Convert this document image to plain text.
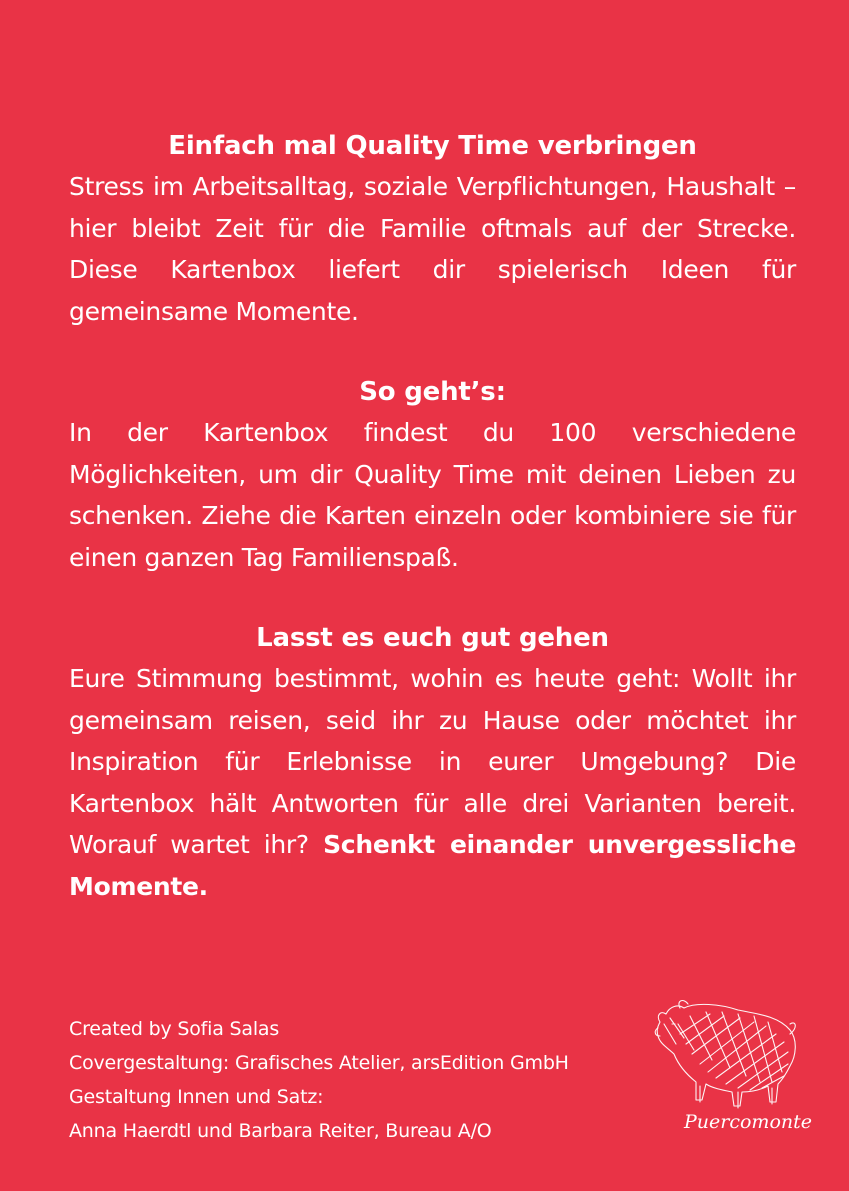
Einfach mal Quality Time verbringen

Stress im Arbeitsalltag, soziale Verpflichtungen, Haushalt – hier bleibt Zeit für die Familie oftmals auf der Strecke. Diese Kartenbox liefert dir spielerisch Ideen für gemeinsame Momente.

So geht’s:

In der Kartenbox findest du 100 verschiedene Möglichkeiten, um dir Quality Time mit deinen Lieben zu schenken. Ziehe die Karten einzeln oder kombiniere sie für einen ganzen Tag Familienspaß.

Lasst es euch gut gehen

Eure Stimmung bestimmt, wohin es heute geht: Wollt ihr gemeinsam reisen, seid ihr zu Hause oder möchtet ihr Inspiration für Erlebnisse in eurer Umgebung? Die Kartenbox hält Antworten für alle drei Varianten bereit. Worauf wartet ihr? Schenkt einander unvergessliche Momente.

Created by Sofia Salas
Covergestaltung: Grafisches Atelier, arsEdition GmbH
Gestaltung Innen und Satz:
Anna Haerdtl und Barbara Reiter, Bureau A/O	Puercomonte
